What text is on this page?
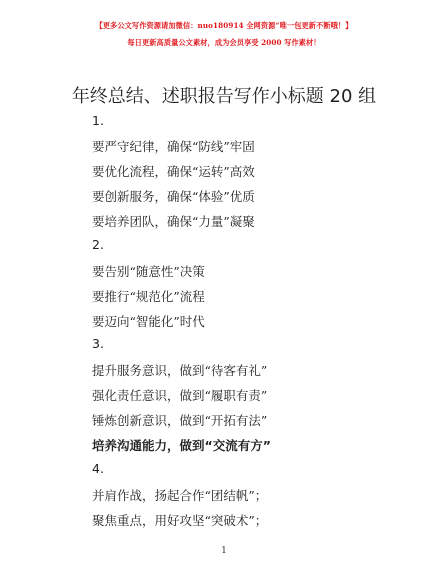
【更多公文写作资源请加微信：nuo180914 全网资源“唯一包更新不断哦！】
每日更新高质量公文素材，成为会员享受 2000 写作素材！
年终总结、述职报告写作小标题 20 组
1.
要严守纪律，确保“防线”牢固
要优化流程，确保“运转”高效
要创新服务，确保“体验”优质
要培养团队，确保“力量”凝聚
2.
要告别“随意性”决策
要推行“规范化”流程
要迈向“智能化”时代
3.
提升服务意识，做到“待客有礼”
强化责任意识，做到“履职有责”
锤炼创新意识，做到“开拓有法”
培养沟通能力，做到“交流有方”
4.
并肩作战，扬起合作“团结帆”；
聚焦重点，用好攻坚“突破术”；
1
